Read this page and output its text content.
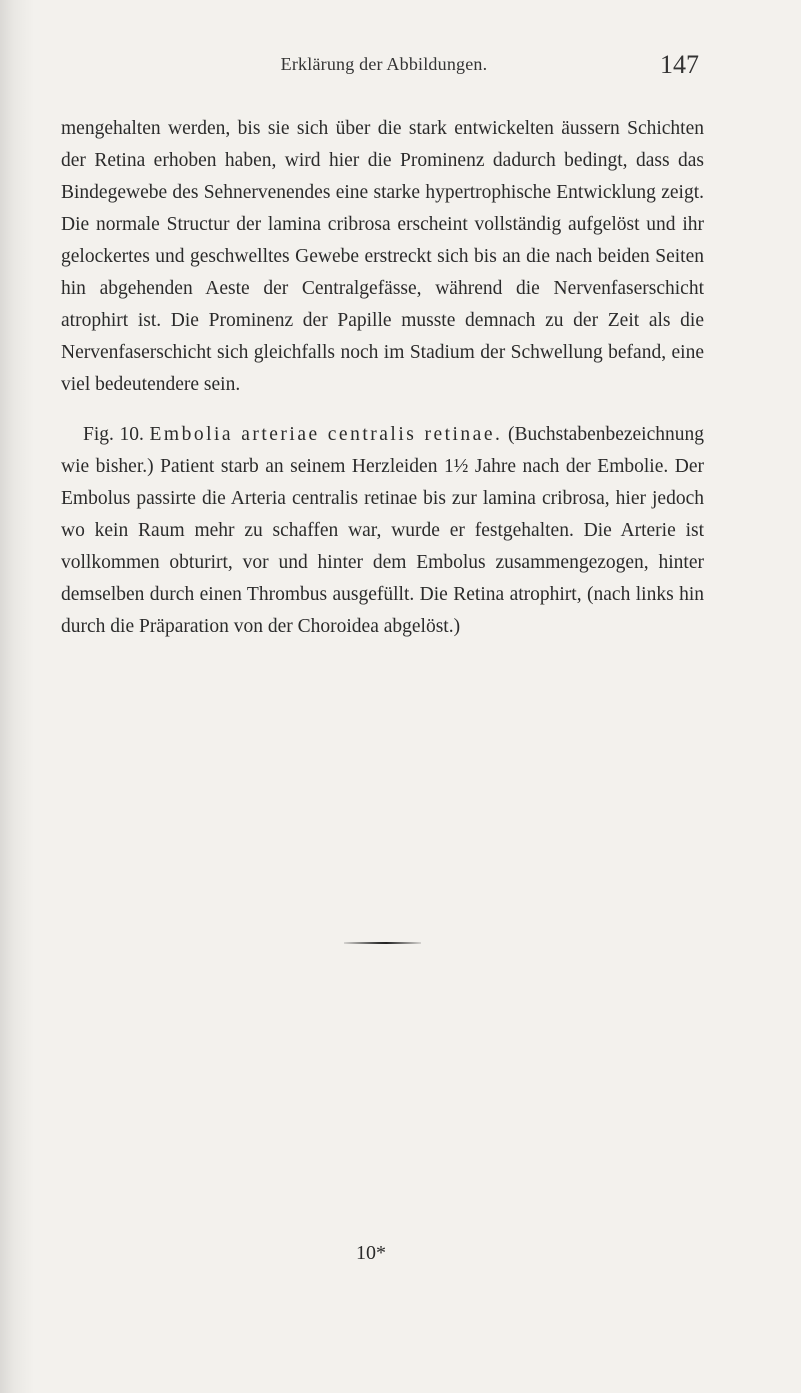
Erklärung der Abbildungen.	147

mengehalten werden, bis sie sich über die stark entwickelten äussern Schichten der Retina erhoben haben, wird hier die Prominenz dadurch bedingt, dass das Bindegewebe des Sehnervenendes eine starke hypertrophische Entwicklung zeigt. Die normale Structur der lamina cribrosa erscheint vollständig aufgelöst und ihr gelockertes und geschwelltes Gewebe erstreckt sich bis an die nach beiden Seiten hin abgehenden Aeste der Centralgefässe, während die Nervenfaserschicht atrophirt ist. Die Prominenz der Papille musste demnach zu der Zeit als die Nervenfaserschicht sich gleichfalls noch im Stadium der Schwellung befand, eine viel bedeutendere sein.

Fig. 10. Embolia arteriae centralis retinae. (Buchstabenbezeichnung wie bisher.) Patient starb an seinem Herzleiden 1½ Jahre nach der Embolie. Der Embolus passirte die Arteria centralis retinae bis zur lamina cribrosa, hier jedoch wo kein Raum mehr zu schaffen war, wurde er festgehalten. Die Arterie ist vollkommen obturirt, vor und hinter dem Embolus zusammengezogen, hinter demselben durch einen Thrombus ausgefüllt. Die Retina atrophirt, (nach links hin durch die Präparation von der Choroidea abgelöst.)

10*
